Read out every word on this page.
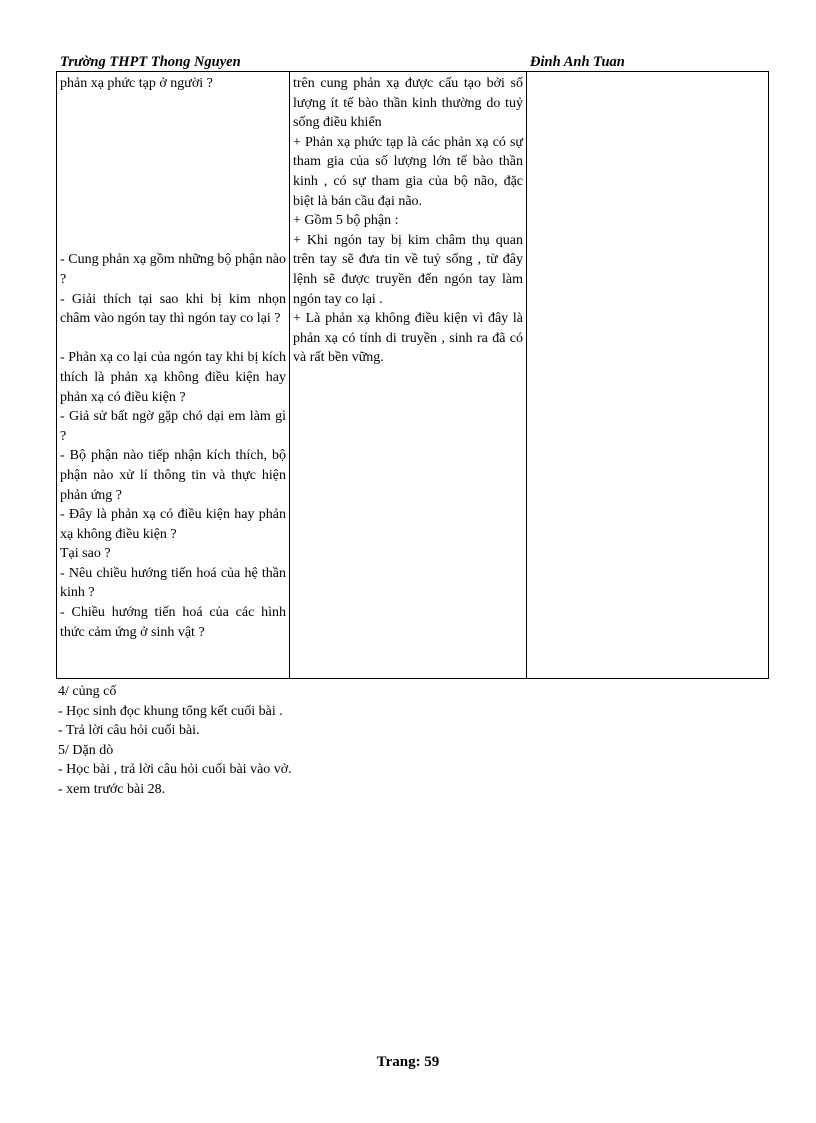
Trường THPT Thong Nguyen	Đinh Anh Tuan
phản xạ phức tạp ở người ?
- Cung phản xạ gồm những bộ phận nào ?
- Giải thích tại sao khi bị kim nhọn châm vào ngón tay thì ngón tay co lại ?
- Phản xạ co lại của ngón tay khi bị kích thích là phản xạ không điều kiện hay phản xạ có điều kiện ?
- Giả sử bất ngờ gặp chó dại em làm gì ?
- Bộ phận nào tiếp nhận kích thích, bộ phận nào xử lí thông tin và thực hiện phản ứng ?
- Đây là phản xạ có điều kiện hay phản xạ không điều kiện ?
Tại sao ?
- Nêu chiều hướng tiến hoá của hệ thần kinh ?
- Chiều hướng tiến hoá của các hình thức cảm ứng ở sinh vật ?

trên cung phản xạ được cấu tạo bởi số lượng ít tế bào thần kinh thường do tuỷ sống điều khiển
+ Phản xạ phức tạp là các phản xạ có sự tham gia của số lượng lớn tế bào thần kinh , có sự tham gia của bộ não, đặc biệt là bán cầu đại não.
+ Gồm 5 bộ phận :
+ Khi ngón tay bị kim châm thụ quan trên tay sẽ đưa tin về tuỷ sống , từ đây lệnh sẽ được truyền đến ngón tay làm ngón tay co lại .
+ Là phản xạ không điều kiện vì đây là phản xạ có tính di truyền , sinh ra đã có và rất bền vững.

4/ củng cố
- Học sinh đọc khung tổng kết cuối bài .
- Trả lời câu hỏi cuối bài.
5/ Dặn dò
- Học bài , trả lời câu hỏi cuối bài vào vở.
- xem trước bài 28.
Trang: 59
